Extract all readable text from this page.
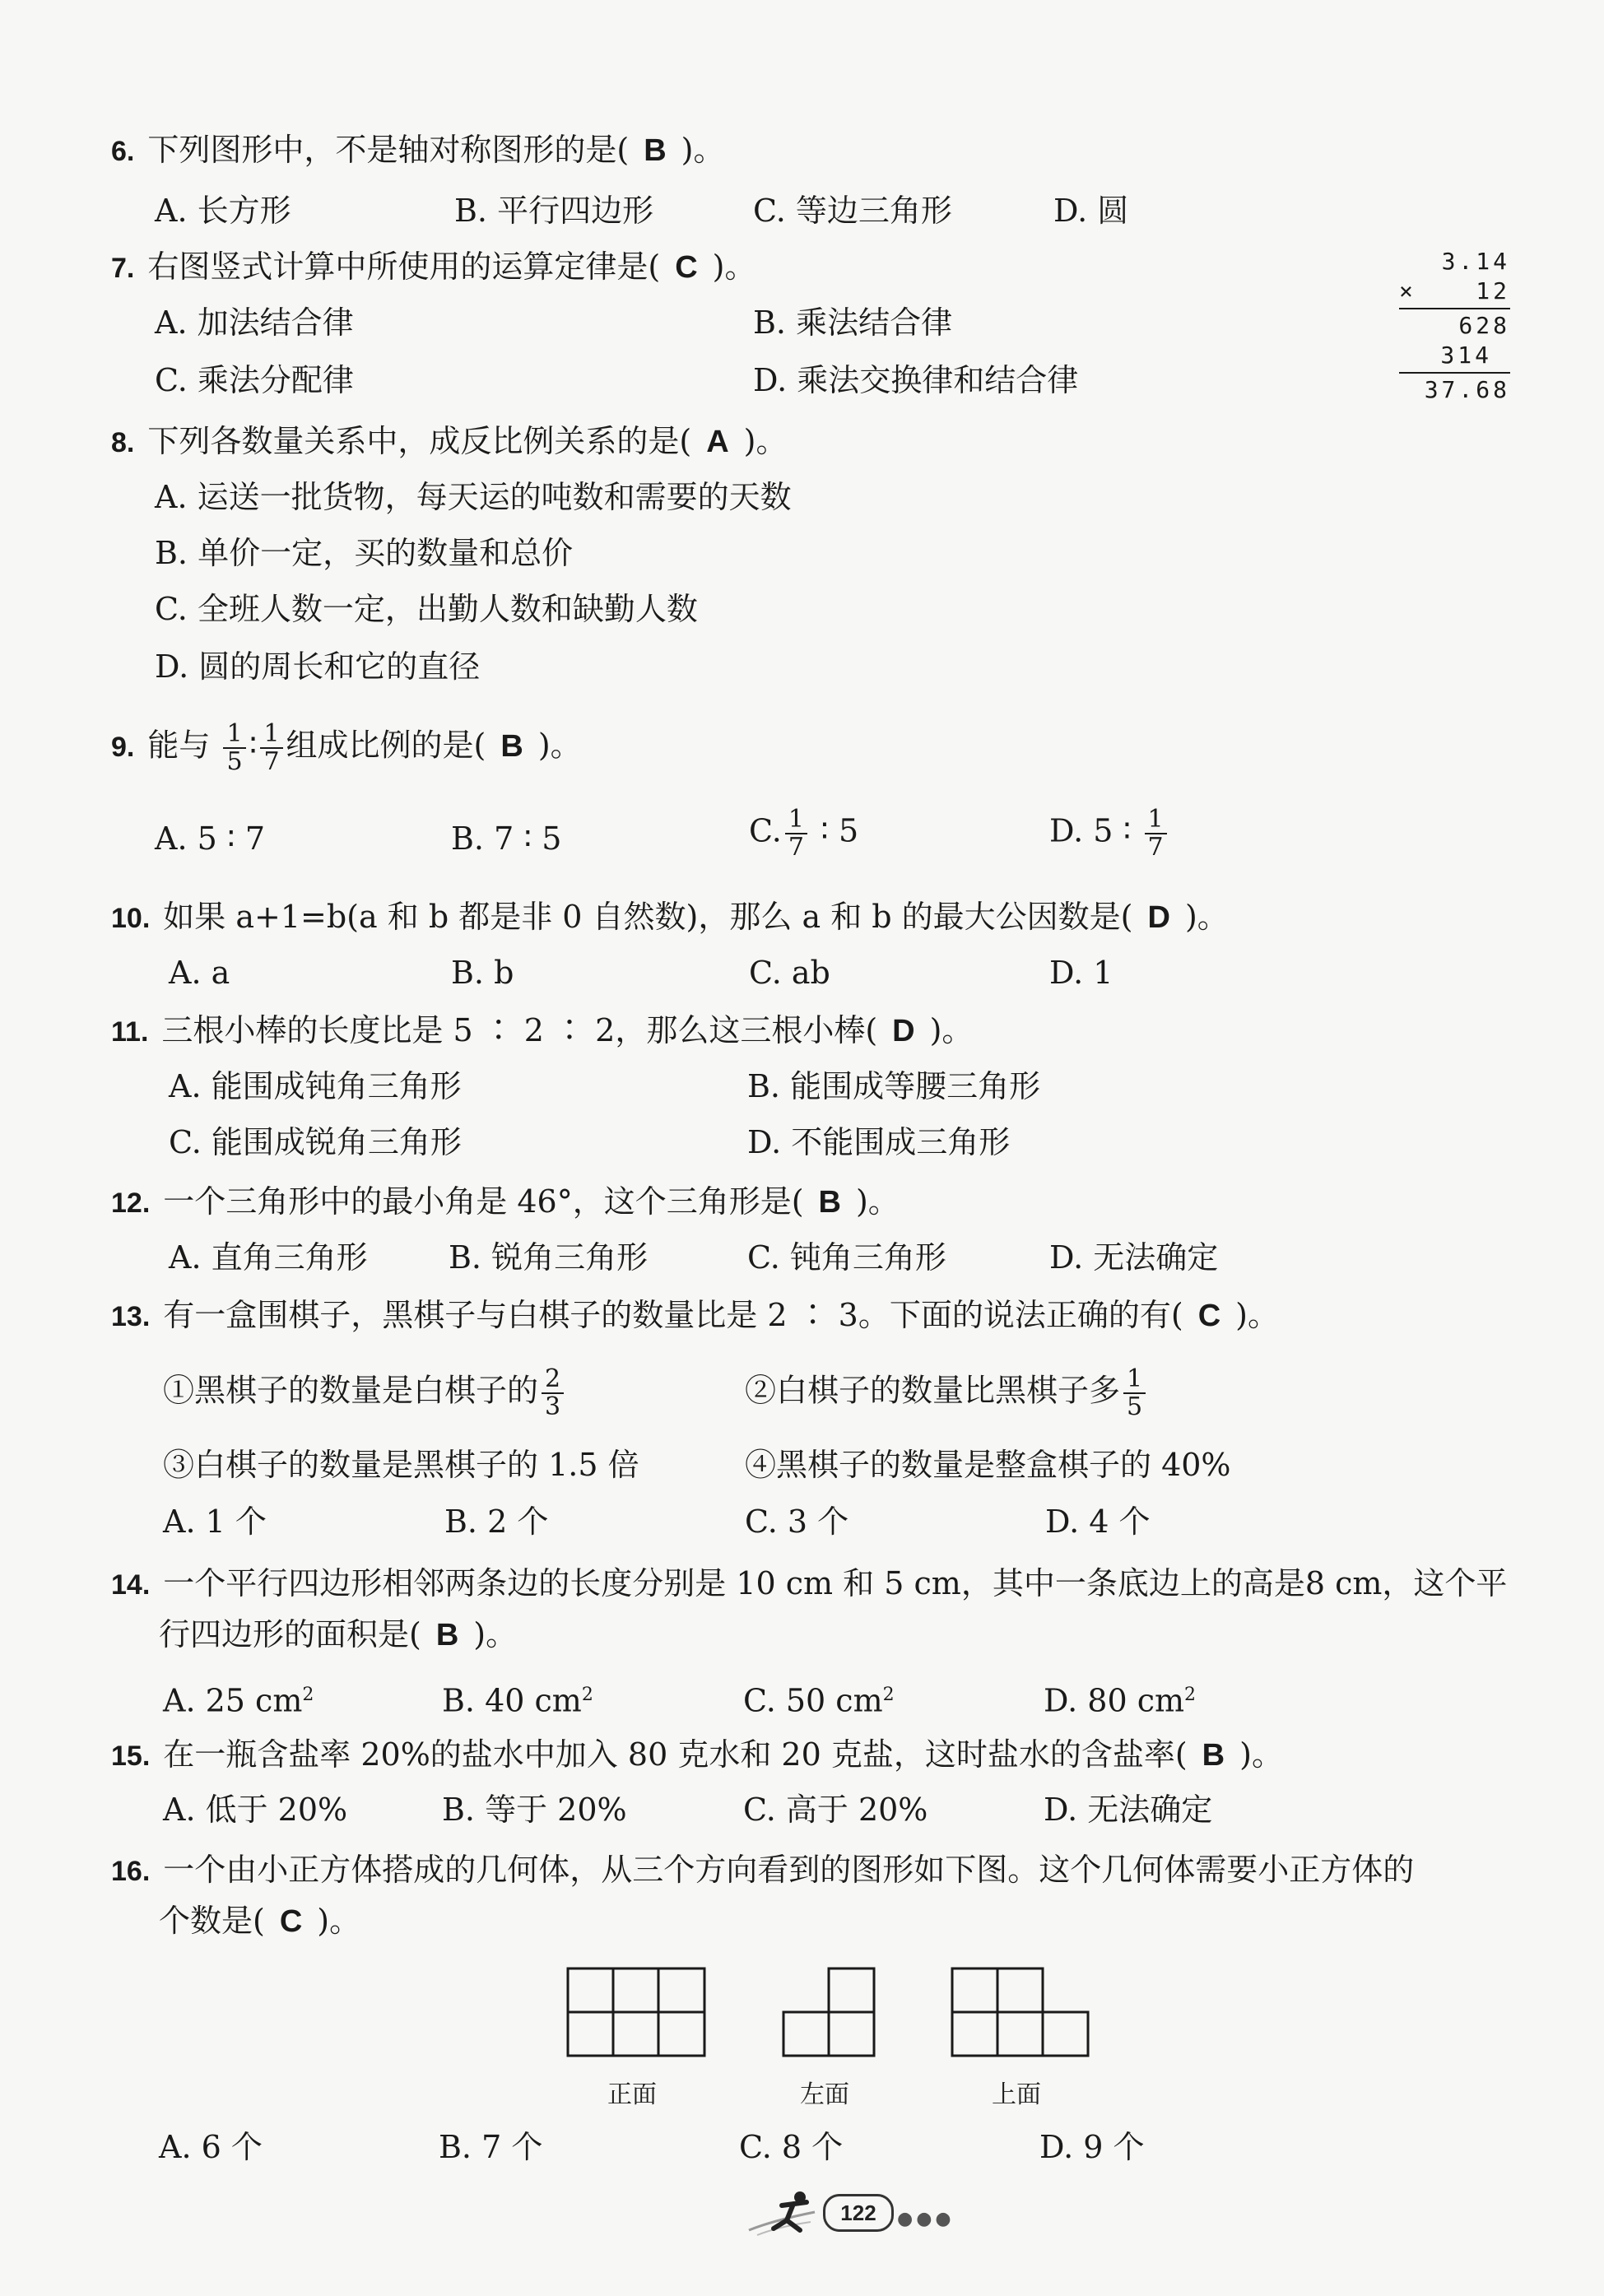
6. 下列图形中，不是轴对称图形的是( B )。
A. 长方形	B. 平行四边形	C. 等边三角形	D. 圆
7. 右图竖式计算中所使用的运算定律是( C )。
A. 加法结合律	B. 乘法结合律
C. 乘法分配律	D. 乘法交换律和结合律
3.14
×	12
628
314
37.68
8. 下列各数量关系中，成反比例关系的是( A )。
A. 运送一批货物，每天运的吨数和需要的天数
B. 单价一定，买的数量和总价
C. 全班人数一定，出勤人数和缺勤人数
D. 圆的周长和它的直径
9. 能与 $\frac{1}{5}$ ∶ $\frac{1}{7}$ 组成比例的是( B )。
A. 5 ∶ 7	B. 7 ∶ 5	C. $\frac{1}{7}$ ∶ 5	D. 5 ∶ $\frac{1}{7}$
10. 如果 a+1=b(a 和 b 都是非 0 自然数)，那么 a 和 b 的最大公因数是( D )。
A. a	B. b	C. ab	D. 1
11. 三根小棒的长度比是 5 ∶ 2 ∶ 2，那么这三根小棒( D )。
A. 能围成钝角三角形	B. 能围成等腰三角形
C. 能围成锐角三角形	D. 不能围成三角形
12. 一个三角形中的最小角是 46°，这个三角形是( B )。
A. 直角三角形	B. 锐角三角形	C. 钝角三角形	D. 无法确定
13. 有一盒围棋子，黑棋子与白棋子的数量比是 2 ∶ 3。下面的说法正确的有( C )。
①黑棋子的数量是白棋子的 $\frac{2}{3}$	②白棋子的数量比黑棋子多 $\frac{1}{5}$
③白棋子的数量是黑棋子的 1.5 倍	④黑棋子的数量是整盒棋子的 40%
A. 1 个	B. 2 个	C. 3 个	D. 4 个
14. 一个平行四边形相邻两条边的长度分别是 10 cm 和 5 cm，其中一条底边上的高是8 cm，这个平
行四边形的面积是( B )。
A. 25 $cm^2$	B. 40 $cm^2$	C. 50 $cm^2$	D. 80 $cm^2$
15. 在一瓶含盐率 20%的盐水中加入 80 克水和 20 克盐，这时盐水的含盐率( B )。
A. 低于 20%	B. 等于 20%	C. 高于 20%	D. 无法确定
16. 一个由小正方体搭成的几何体，从三个方向看到的图形如下图。这个几何体需要小正方体的
个数是( C )。
正面	左面	上面
A. 6 个	B. 7 个	C. 8 个	D. 9 个
122	●●●
